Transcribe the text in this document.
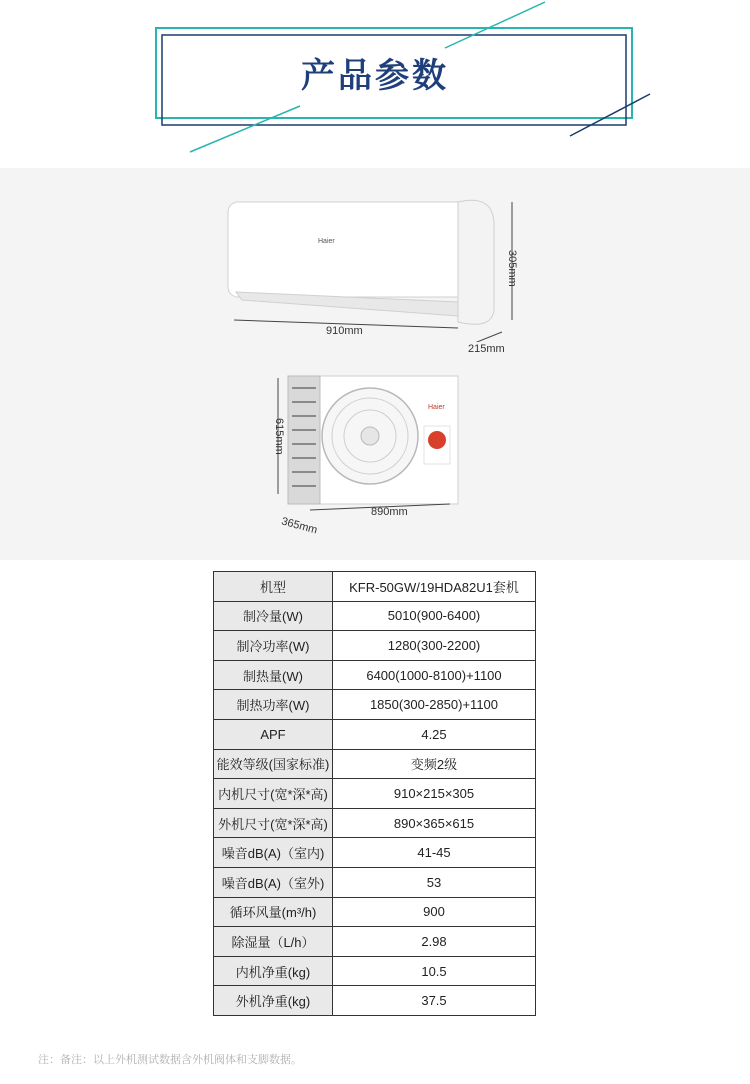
产品参数
Haier
910mm
305mm
215mm
Haier
615mm
890mm
365mm
机型	KFR-50GW/19HDA82U1套机
制冷量(W)	5010(900-6400)
制冷功率(W)	1280(300-2200)
制热量(W)	6400(1000-8100)+1100
制热功率(W)	1850(300-2850)+1100
APF	4.25
能效等级(国家标准)	变频2级
内机尺寸(宽*深*高)	910×215×305
外机尺寸(宽*深*高)	890×365×615
噪音dB(A)（室内)	41-45
噪音dB(A)（室外)	53
循环风量(m³/h)	900
除湿量（L/h）	2.98
内机净重(kg)	10.5
外机净重(kg)	37.5
注：备注：以上外机测试数据含外机阀体和支脚数据。
